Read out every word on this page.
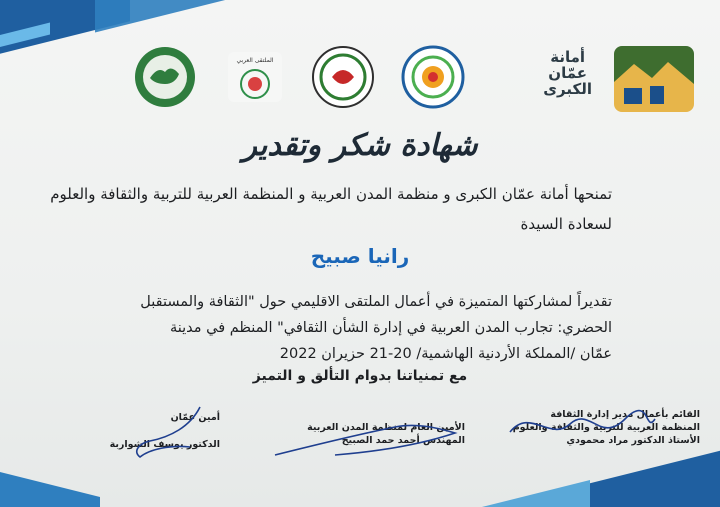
الملتقى العربي	أمانة
عمّان
الكبرى
شهادة شكر وتقدير
تمنحها أمانة عمّان الكبرى و منظمة المدن العربية و المنظمة العربية للتربية والثقافة والعلوم
لسعادة السيدة
رانيا صبيح
تقديراً لمشاركتها المتميزة في أعمال الملتقى الاقليمي حول "الثقافة والمستقبل
الحضري: تجارب المدن العربية في إدارة الشأن الثقافي" المنظم في مدينة
عمّان /المملكة الأردنية الهاشمية/ 20-21 حزيران 2022
مع تمنياتنا بدوام التألق و التميز
القائم بأعمال مدير إدارة الثقافة
المنظمة العربية للتربية والثقافة والعلوم
الأستاذ الدكتور مراد محمودي
الأمين العام لمنظمة المدن العربية
المهندس أحمد حمد الصبيح
أمين عمّان
الدكتور يوسف الشواربة
